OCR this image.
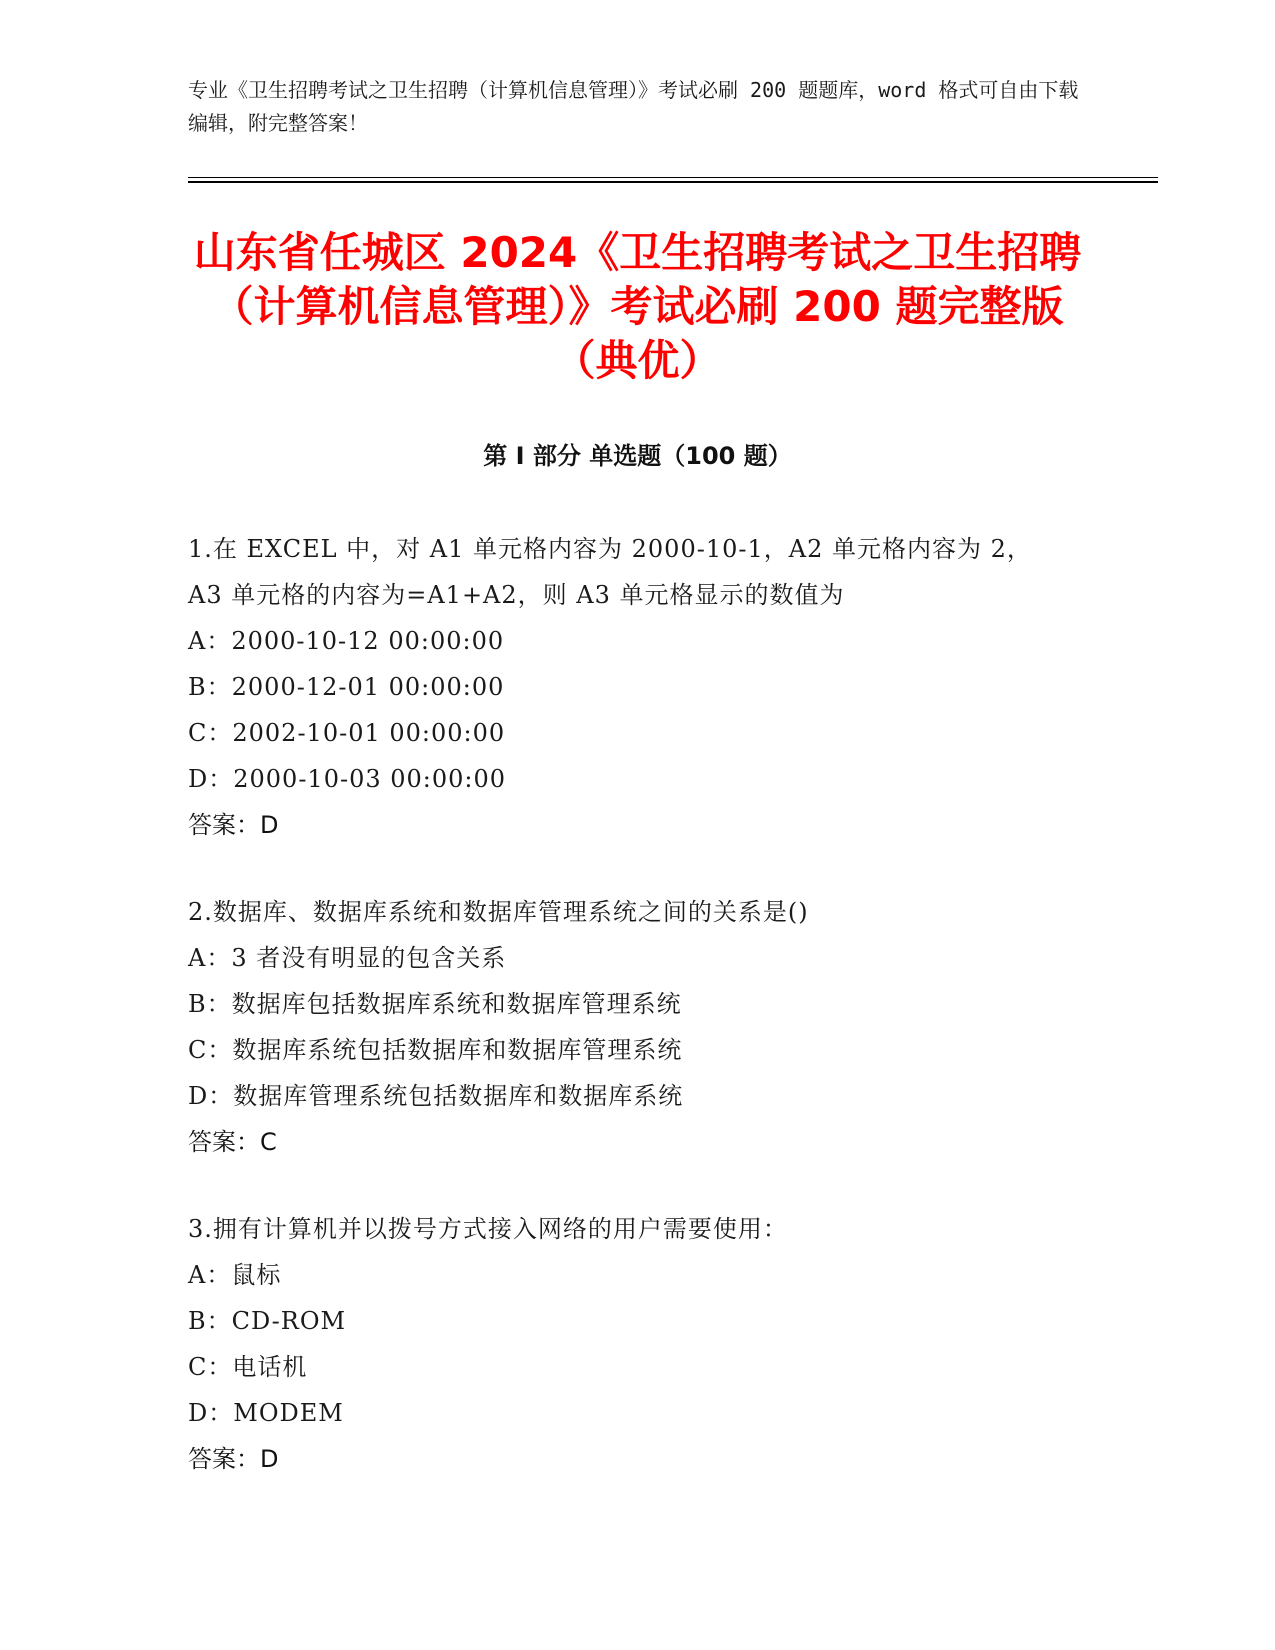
专业《卫生招聘考试之卫生招聘（计算机信息管理）》考试必刷 200 题题库，word 格式可自由下载编辑，附完整答案！
山东省任城区 2024《卫生招聘考试之卫生招聘（计算机信息管理）》考试必刷 200 题完整版（典优）
第 I 部分 单选题（100 题）
1.在 EXCEL 中，对 A1 单元格内容为 2000-10-1，A2 单元格内容为 2，
A3 单元格的内容为=A1+A2，则 A3 单元格显示的数值为
A：2000-10-12 00:00:00
B：2000-12-01 00:00:00
C：2002-10-01 00:00:00
D：2000-10-03 00:00:00
答案：D
2.数据库、数据库系统和数据库管理系统之间的关系是()
A：3 者没有明显的包含关系
B：数据库包括数据库系统和数据库管理系统
C：数据库系统包括数据库和数据库管理系统
D：数据库管理系统包括数据库和数据库系统
答案：C
3.拥有计算机并以拨号方式接入网络的用户需要使用：
A：鼠标
B：CD-ROM
C：电话机
D：MODEM
答案：D
